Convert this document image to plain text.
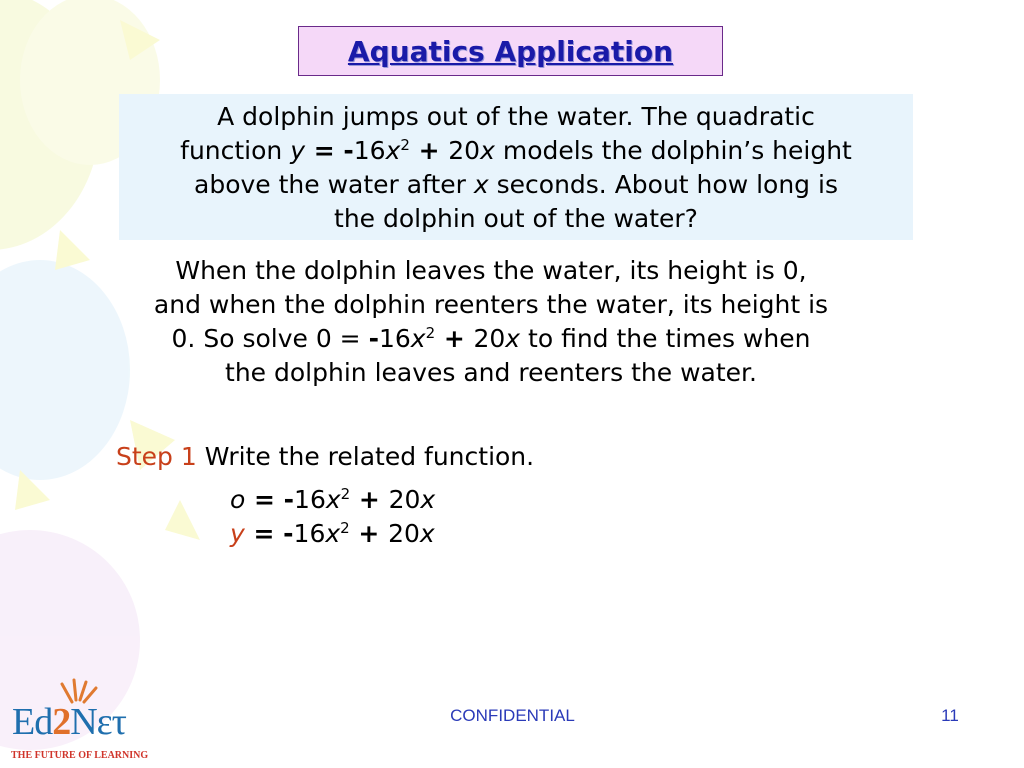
Aquatics Application
A dolphin jumps out of the water. The quadratic
function $y = -16x^2 + 20x$ models the dolphin’s height
above the water after x seconds. About how long is
the dolphin out of the water?
When the dolphin leaves the water, its height is 0,
and when the dolphin reenters the water, its height is
0. So solve $0 = -16x^2 + 20x$ to find the times when
the dolphin leaves and reenters the water.
Step 1 Write the related function.
$o = -16x^2 + 20x$
$y = -16x^2 + 20x$
Ed2Nετ
THE FUTURE OF LEARNING
CONFIDENTIAL	11
